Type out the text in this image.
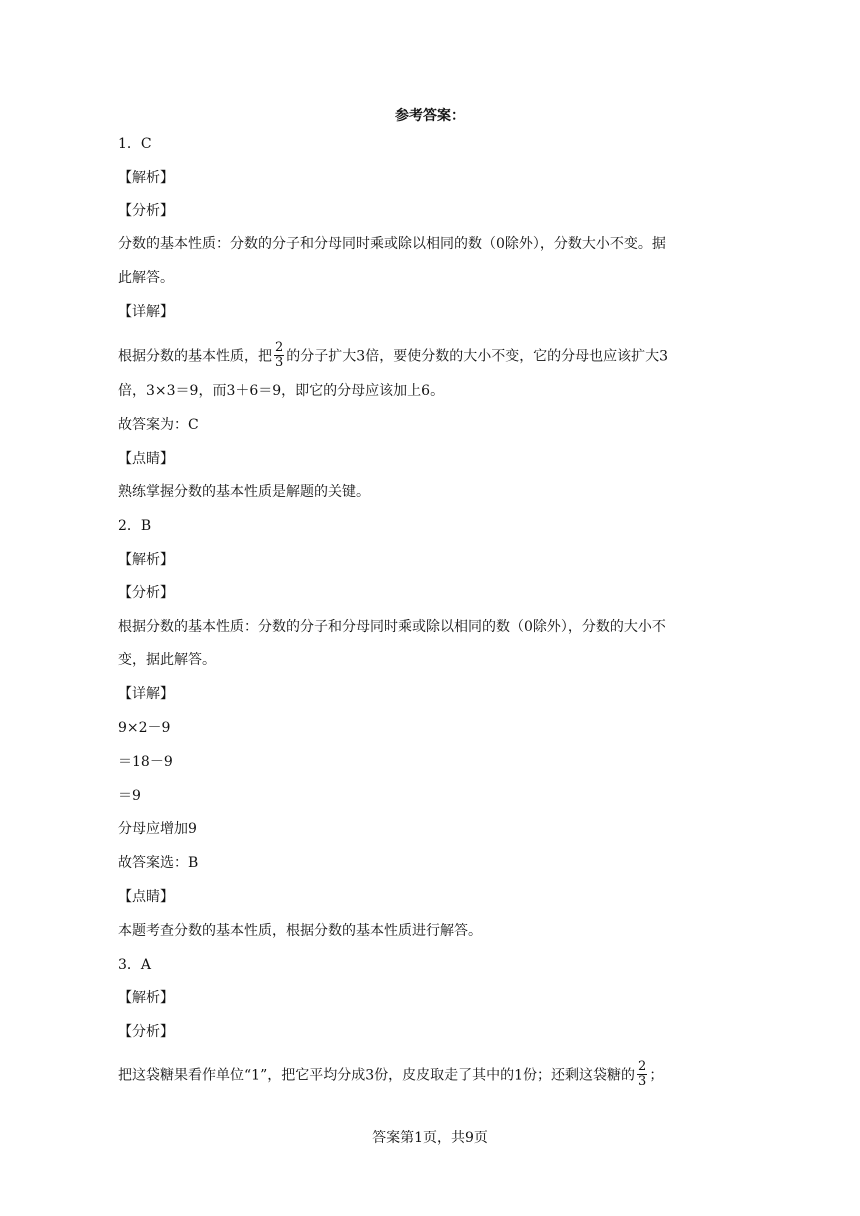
参考答案：
1．C
【解析】
【分析】
分数的基本性质：分数的分子和分母同时乘或除以相同的数（0除外），分数大小不变。据
此解答。
【详解】
根据分数的基本性质，把 $\frac{2}{3}$ 的分子扩大3倍，要使分数的大小不变，它的分母也应该扩大3
倍，3×3＝9，而3＋6＝9，即它的分母应该加上6。
故答案为：C
【点睛】
熟练掌握分数的基本性质是解题的关键。
2．B
【解析】
【分析】
根据分数的基本性质：分数的分子和分母同时乘或除以相同的数（0除外），分数的大小不
变，据此解答。
【详解】
9×2－9
＝18－9
＝9
分母应增加9
故答案选：B
【点睛】
本题考查分数的基本性质，根据分数的基本性质进行解答。
3．A
【解析】
【分析】
把这袋糖果看作单位“1”，把它平均分成3份，皮皮取走了其中的1份；还剩这袋糖的 $\frac{2}{3}$ ；
答案第1页，共9页
